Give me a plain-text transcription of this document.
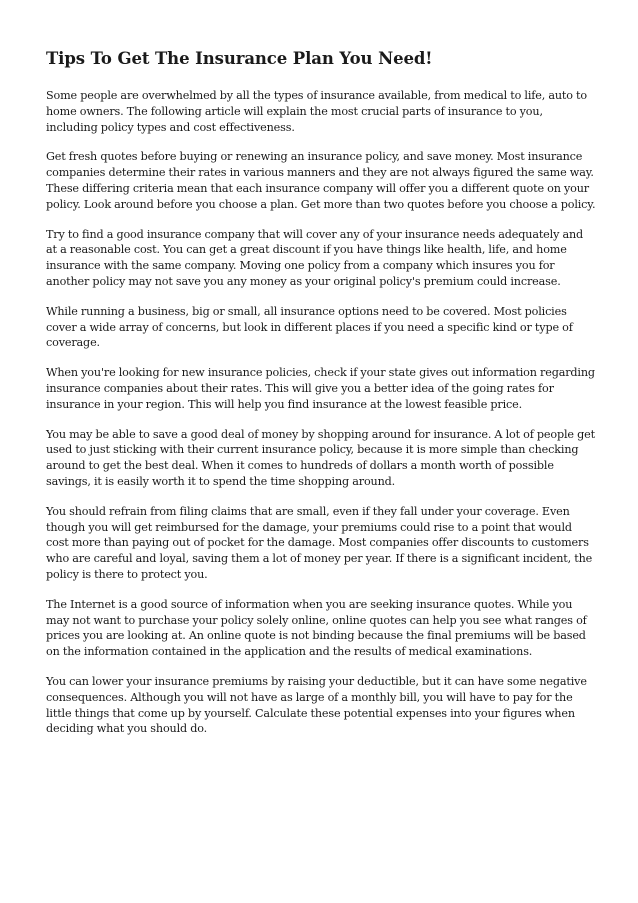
Tips To Get The Insurance Plan You Need!

Some people are overwhelmed by all the types of insurance available, from medical to life, auto to home owners. The following article will explain the most crucial parts of insurance to you, including policy types and cost effectiveness.

Get fresh quotes before buying or renewing an insurance policy, and save money. Most insurance companies determine their rates in various manners and they are not always figured the same way. These differing criteria mean that each insurance company will offer you a different quote on your policy. Look around before you choose a plan. Get more than two quotes before you choose a policy.

Try to find a good insurance company that will cover any of your insurance needs adequately and at a reasonable cost. You can get a great discount if you have things like health, life, and home insurance with the same company. Moving one policy from a company which insures you for another policy may not save you any money as your original policy's premium could increase.

While running a business, big or small, all insurance options need to be covered. Most policies cover a wide array of concerns, but look in different places if you need a specific kind or type of coverage.

When you're looking for new insurance policies, check if your state gives out information regarding insurance companies about their rates. This will give you a better idea of the going rates for insurance in your region. This will help you find insurance at the lowest feasible price.

You may be able to save a good deal of money by shopping around for insurance. A lot of people get used to just sticking with their current insurance policy, because it is more simple than checking around to get the best deal. When it comes to hundreds of dollars a month worth of possible savings, it is easily worth it to spend the time shopping around.

You should refrain from filing claims that are small, even if they fall under your coverage. Even though you will get reimbursed for the damage, your premiums could rise to a point that would cost more than paying out of pocket for the damage. Most companies offer discounts to customers who are careful and loyal, saving them a lot of money per year. If there is a significant incident, the policy is there to protect you.

The Internet is a good source of information when you are seeking insurance quotes. While you may not want to purchase your policy solely online, online quotes can help you see what ranges of prices you are looking at. An online quote is not binding because the final premiums will be based on the information contained in the application and the results of medical examinations.

You can lower your insurance premiums by raising your deductible, but it can have some negative consequences. Although you will not have as large of a monthly bill, you will have to pay for the little things that come up by yourself. Calculate these potential expenses into your figures when deciding what you should do.
